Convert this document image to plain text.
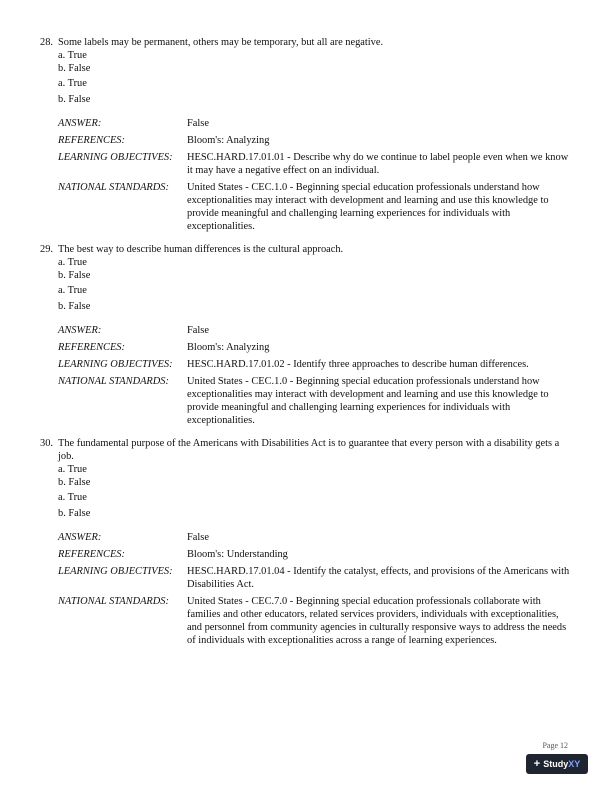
28. Some labels may be permanent, others may be temporary, but all are negative.
a. True
b. False
a. True
b. False
ANSWER:	False
REFERENCES:	Bloom's: Analyzing
LEARNING OBJECTIVES:	HESC.HARD.17.01.01 - Describe why do we continue to label people even when we know it may have a negative effect on an individual.
NATIONAL STANDARDS:	United States - CEC.1.0 - Beginning special education professionals understand how exceptionalities may interact with development and learning and use this knowledge to provide meaningful and challenging learning experiences for individuals with exceptionalities.
29. The best way to describe human differences is the cultural approach.
a. True
b. False
a. True
b. False
ANSWER:	False
REFERENCES:	Bloom's: Analyzing
LEARNING OBJECTIVES:	HESC.HARD.17.01.02 - Identify three approaches to describe human differences.
NATIONAL STANDARDS:	United States - CEC.1.0 - Beginning special education professionals understand how exceptionalities may interact with development and learning and use this knowledge to provide meaningful and challenging learning experiences for individuals with exceptionalities.
30. The fundamental purpose of the Americans with Disabilities Act is to guarantee that every person with a disability gets a job.
a. True
b. False
a. True
b. False
ANSWER:	False
REFERENCES:	Bloom's: Understanding
LEARNING OBJECTIVES:	HESC.HARD.17.01.04 - Identify the catalyst, effects, and provisions of the Americans with Disabilities Act.
NATIONAL STANDARDS:	United States - CEC.7.0 - Beginning special education professionals collaborate with families and other educators, related services providers, individuals with exceptionalities, and personnel from community agencies in culturally responsive ways to address the needs of individuals with exceptionalities across a range of learning experiences.
Page 12
+ Study XY
